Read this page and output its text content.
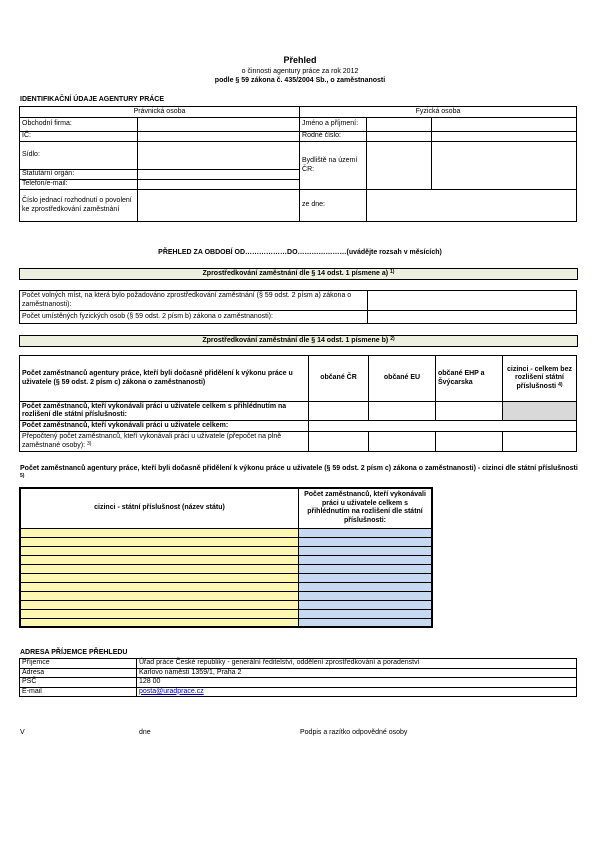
Přehled
o činnosti agentury práce za rok 2012
podle § 59 zákona č. 435/2004 Sb., o zaměstnanosti
IDENTIFIKAČNÍ ÚDAJE AGENTURY PRÁCE
Právnická osoba		Fyzická osoba		
Obchodní firma:		Jméno a příjmení:		
IČ:		Rodné číslo:		
Sídlo:		Bydliště na území ČR:		
Statutární orgán:				
Telefon/e-mail:				
Číslo jednací rozhodnutí o povolení ke zprostředkování zaměstnání		ze dne:		
PŘEHLED ZA OBDOBÍ OD………………DO…………………(uvádějte rozsah v měsících)
Zprostředkování zaměstnání dle § 14 odst. 1 písmene a) $^{1)}$
Počet volných míst, na která bylo požadováno zprostředkování zaměstnání (§ 59 odst. 2 písm a) zákona o zaměstnanosti):	
Počet umístěných fyzických osob (§ 59 odst. 2 písm b) zákona o zaměstnanosti):	
Zprostředkování zaměstnání dle § 14 odst. 1 písmene b) $^{2)}$
Počet zaměstnanců agentury práce, kteří byli dočasně přidělení k výkonu práce u uživatele (§ 59 odst. 2 písm c) zákona o zaměstnanosti)	občané ČR	občané EU	občané EHP a Švýcarska	cizinci - celkem bez rozlišení státní příslušnosti $^{4)}$
Počet zaměstnanců, kteří vykonávali práci u uživatele celkem s přihlédnutím na rozlišení dle státní příslušnosti:				
Počet zaměstnanců, kteří vykonávali práci u uživatele celkem:				
Přepočtený počet zaměstnanců, kteří vykonávali práci u uživatele (přepočet na plně zaměstnané osoby): $^{3)}$				
Počet zaměstnanců agentury práce, kteří byli dočasně přidělení k výkonu práce u uživatele (§ 59 odst. 2 písm c) zákona o zaměstnanosti) - cizinci dle státní příslušnosti $^{5)}$
cizinci - státní příslušnost (název státu)	Počet zaměstnanců, kteří vykonávali práci u uživatele celkem s přihlédnutím na rozlišení dle státní příslušnosti:

ADRESA PŘÍJEMCE PŘEHLEDU
Příjemce	Úřad práce České republiky - generální ředitelství, oddělení zprostředkování a poradenství
Adresa	Karlovo náměstí 1359/1, Praha 2
PSČ	128 00
E-mail	posta@uradprace.cz
V	dne	Podpis a razítko odpovědné osoby
